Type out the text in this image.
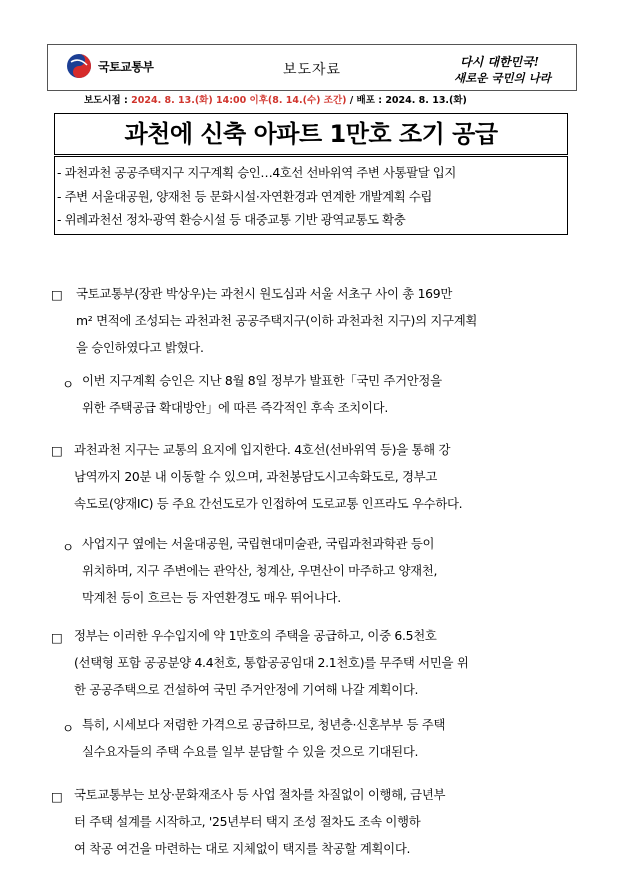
국토교통부	보도자료	다시 대한민국!
새로운 국민의 나라
보도시점 : 2024. 8. 13.(화) 14:00 이후(8. 14.(수) 조간) / 배포 : 2024. 8. 13.(화)
과천에 신축 아파트 1만호 조기 공급
- 과천과천 공공주택지구 지구계획 승인…4호선 선바위역 주변 사통팔달 입지
- 주변 서울대공원, 양재천 등 문화시설·자연환경과 연계한 개발계획 수립
- 위례과천선 정차·광역 환승시설 등 대중교통 기반 광역교통도 확충
□ 국토교통부(장관 박상우)는 과천시 원도심과 서울 서초구 사이 총 169만
m² 면적에 조성되는 과천과천 공공주택지구(이하 과천과천 지구)의 지구계획
을 승인하였다고 밝혔다.
ㅇ 이번 지구계획 승인은 지난 8월 8일 정부가 발표한「국민 주거안정을
위한 주택공급 확대방안」에 따른 즉각적인 후속 조치이다.
□ 과천과천 지구는 교통의 요지에 입지한다. 4호선(선바위역 등)을 통해 강
남역까지 20분 내 이동할 수 있으며, 과천봉담도시고속화도로, 경부고
속도로(양재IC) 등 주요 간선도로가 인접하여 도로교통 인프라도 우수하다.
ㅇ 사업지구 옆에는 서울대공원, 국립현대미술관, 국립과천과학관 등이
위치하며, 지구 주변에는 관악산, 청계산, 우면산이 마주하고 양재천,
막계천 등이 흐르는 등 자연환경도 매우 뛰어나다.
□ 정부는 이러한 우수입지에 약 1만호의 주택을 공급하고, 이중 6.5천호
(선택형 포함 공공분양 4.4천호, 통합공공임대 2.1천호)를 무주택 서민을 위
한 공공주택으로 건설하여 국민 주거안정에 기여해 나갈 계획이다.
ㅇ 특히, 시세보다 저렴한 가격으로 공급하므로, 청년층·신혼부부 등 주택
실수요자들의 주택 수요를 일부 분담할 수 있을 것으로 기대된다.
□ 국토교통부는 보상·문화재조사 등 사업 절차를 차질없이 이행해, 금년부
터 주택 설계를 시작하고, '25년부터 택지 조성 절차도 조속 이행하
여 착공 여건을 마련하는 대로 지체없이 택지를 착공할 계획이다.
